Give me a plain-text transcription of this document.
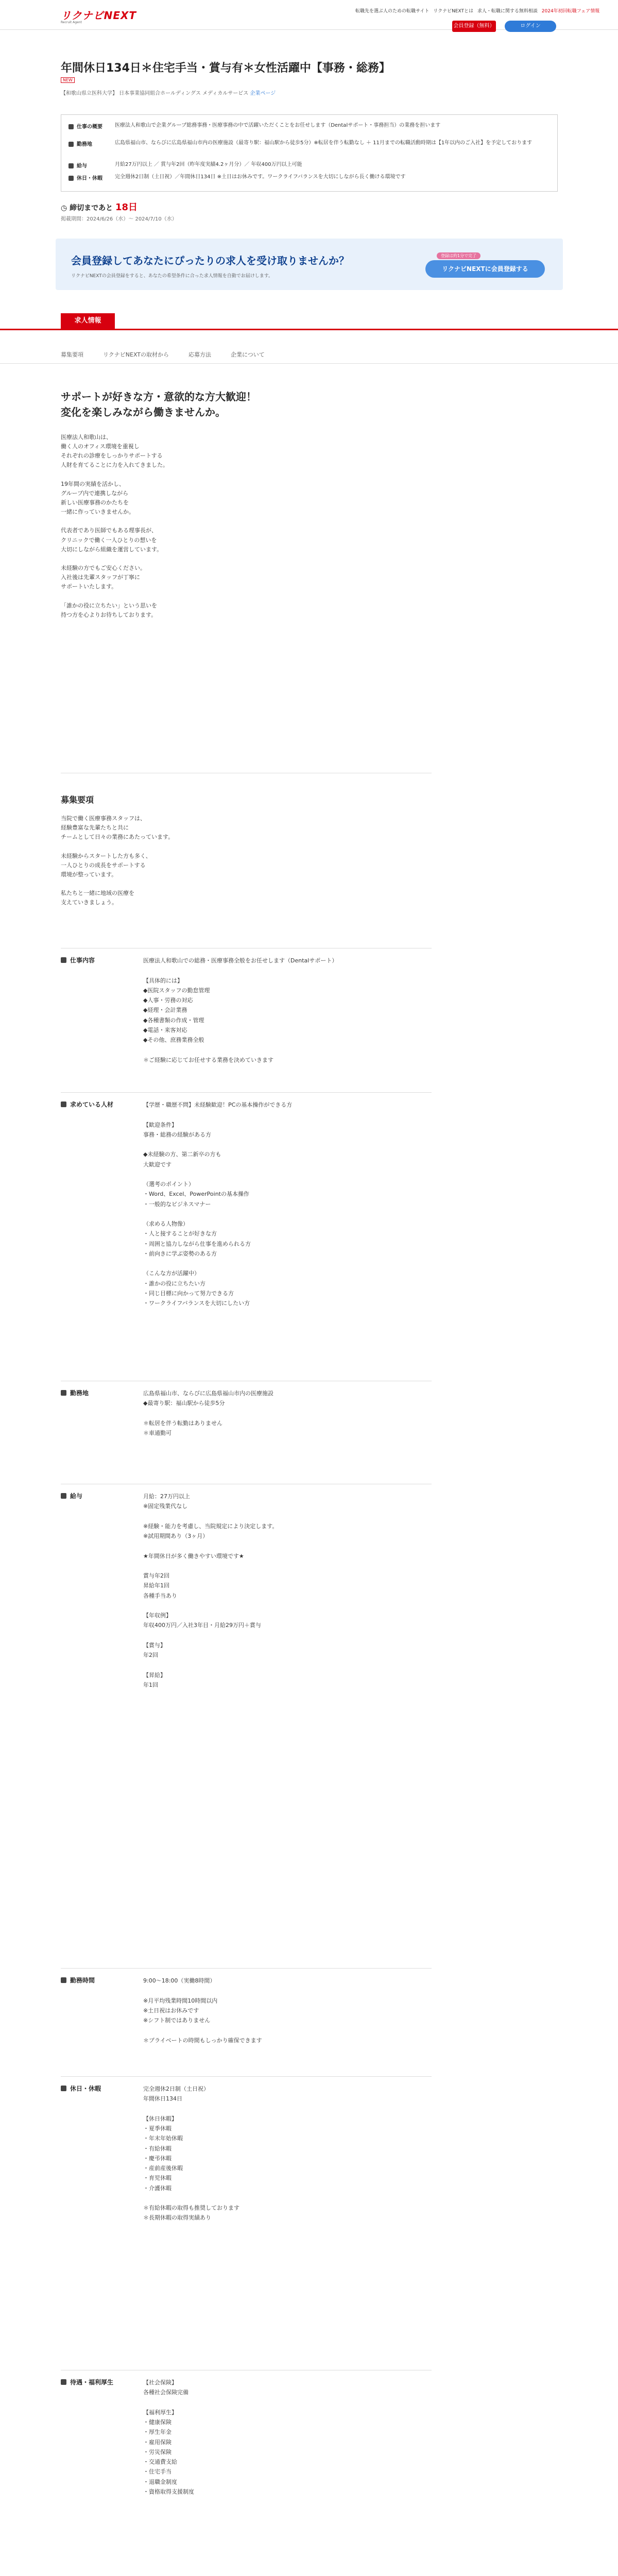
リクナビNEXT
Recruit Agent
転職先を選ぶ人のための転職サイト リクナビNEXTとは 求人・転職に関する無料相談 2024年初回転職フェア情報
会員登録（無料）	ログイン
年間休日134日＊住宅手当・賞与有＊女性活躍中【事務・総務】
NEW
【和歌山県立医科大学】 日本事業協同組合ホールディングス メディカルサービス 企業ページ
仕事の概要	医療法人和歌山で企業グループ総務事務・医療事務の中で活躍いただくことをお任せします（Dentalサポート・事務担当）の業務を担います
勤務地	広島県福山市、ならびに広島県福山市内の医療施設（最寄り駅：福山駅から徒歩5分）※転居を伴う転勤なし ＋ 11月までの転職活動時期は【1年以内のご入社】を予定しております
給与	月給27万円以上 ／ 賞与年2回（昨年度実績4.2ヶ月分）／ 年収400万円以上可能
休日・休暇	完全週休2日制（土日祝）／年間休日134日 ※土日はお休みです。ワークライフバランスを大切にしながら長く働ける環境です
◷ 締切まであと 18日
掲載期間：2024/6/26（水）～ 2024/7/10（水）
会員登録してあなたにぴったりの求人を受け取りませんか？
リクナビNEXTの会員登録をすると、あなたの希望条件に合った求人情報を自動でお届けします。
登録は約1分で完了
リクナビNEXTに会員登録する
求人情報
募集要項	リクナビNEXTの取材から	応募方法	企業について
サポートが好きな方・意欲的な方大歓迎！
変化を楽しみながら働きませんか。
医療法人和歌山は、
働く人のオフィス環境を重視し
それぞれの診療をしっかりサポートする
人財を育てることに力を入れてきました。

19年間の実績を活かし、
グループ内で連携しながら
新しい医療事務のかたちを
一緒に作っていきませんか。

代表者であり医師でもある理事長が、
クリニックで働く一人ひとりの想いを
大切にしながら組織を運営しています。

未経験の方でもご安心ください。
入社後は先輩スタッフが丁寧に
サポートいたします。

「誰かの役に立ちたい」という思いを
持つ方を心よりお待ちしております。
募集要項
当院で働く医療事務スタッフは、
経験豊富な先輩たちと共に
チームとして日々の業務にあたっています。

未経験からスタートした方も多く、
一人ひとりの成長をサポートする
環境が整っています。

私たちと一緒に地域の医療を
支えていきましょう。
仕事内容	医療法人和歌山での総務・医療事務全般をお任せします（Dentalサポート）

【具体的には】
◆医院スタッフの勤怠管理
◆人事・労務の対応
◆経理・会計業務
◆各種書類の作成・管理
◆電話・来客対応
◆その他、庶務業務全般

＊ご経験に応じてお任せする業務を決めていきます
求めている人材	【学歴・職歴不問】未経験歓迎！PCの基本操作ができる方

【歓迎条件】
事務・総務の経験がある方

◆未経験の方、第二新卒の方も
大歓迎です

（選考のポイント）
・Word、Excel、PowerPointの基本操作
・一般的なビジネスマナー

（求める人物像）
・人と接することが好きな方
・周囲と協力しながら仕事を進められる方
・前向きに学ぶ姿勢のある方

（こんな方が活躍中）
・誰かの役に立ちたい方
・同じ目標に向かって努力できる方
・ワークライフバランスを大切にしたい方
勤務地	広島県福山市、ならびに広島県福山市内の医療施設
◆最寄り駅：福山駅から徒歩5分

＊転居を伴う転勤はありません
＊車通勤可
給与	月給：27万円以上
※固定残業代なし

※経験・能力を考慮し、当院規定により決定します。
※試用期間あり（3ヶ月）

★年間休日が多く働きやすい環境です★

賞与年2回
昇給年1回
各種手当あり

【年収例】
年収400万円／入社3年目・月給29万円＋賞与

【賞与】
年2回

【昇給】
年1回
勤務時間	9:00～18:00（実働8時間）

※月平均残業時間10時間以内
※土日祝はお休みです
※シフト制ではありません

＊プライベートの時間もしっかり確保できます
休日・休暇	完全週休2日制（土日祝）
年間休日134日

【休日休暇】
・夏季休暇
・年末年始休暇
・有給休暇
・慶弔休暇
・産前産後休暇
・育児休暇
・介護休暇

＊有給休暇の取得も推奨しております
＊長期休暇の取得実績あり
待遇・福利厚生	【社会保険】
各種社会保険完備

【福利厚生】
・健康保険
・厚生年金
・雇用保険
・労災保険
・交通費支給
・住宅手当
・退職金制度
・資格取得支援制度
